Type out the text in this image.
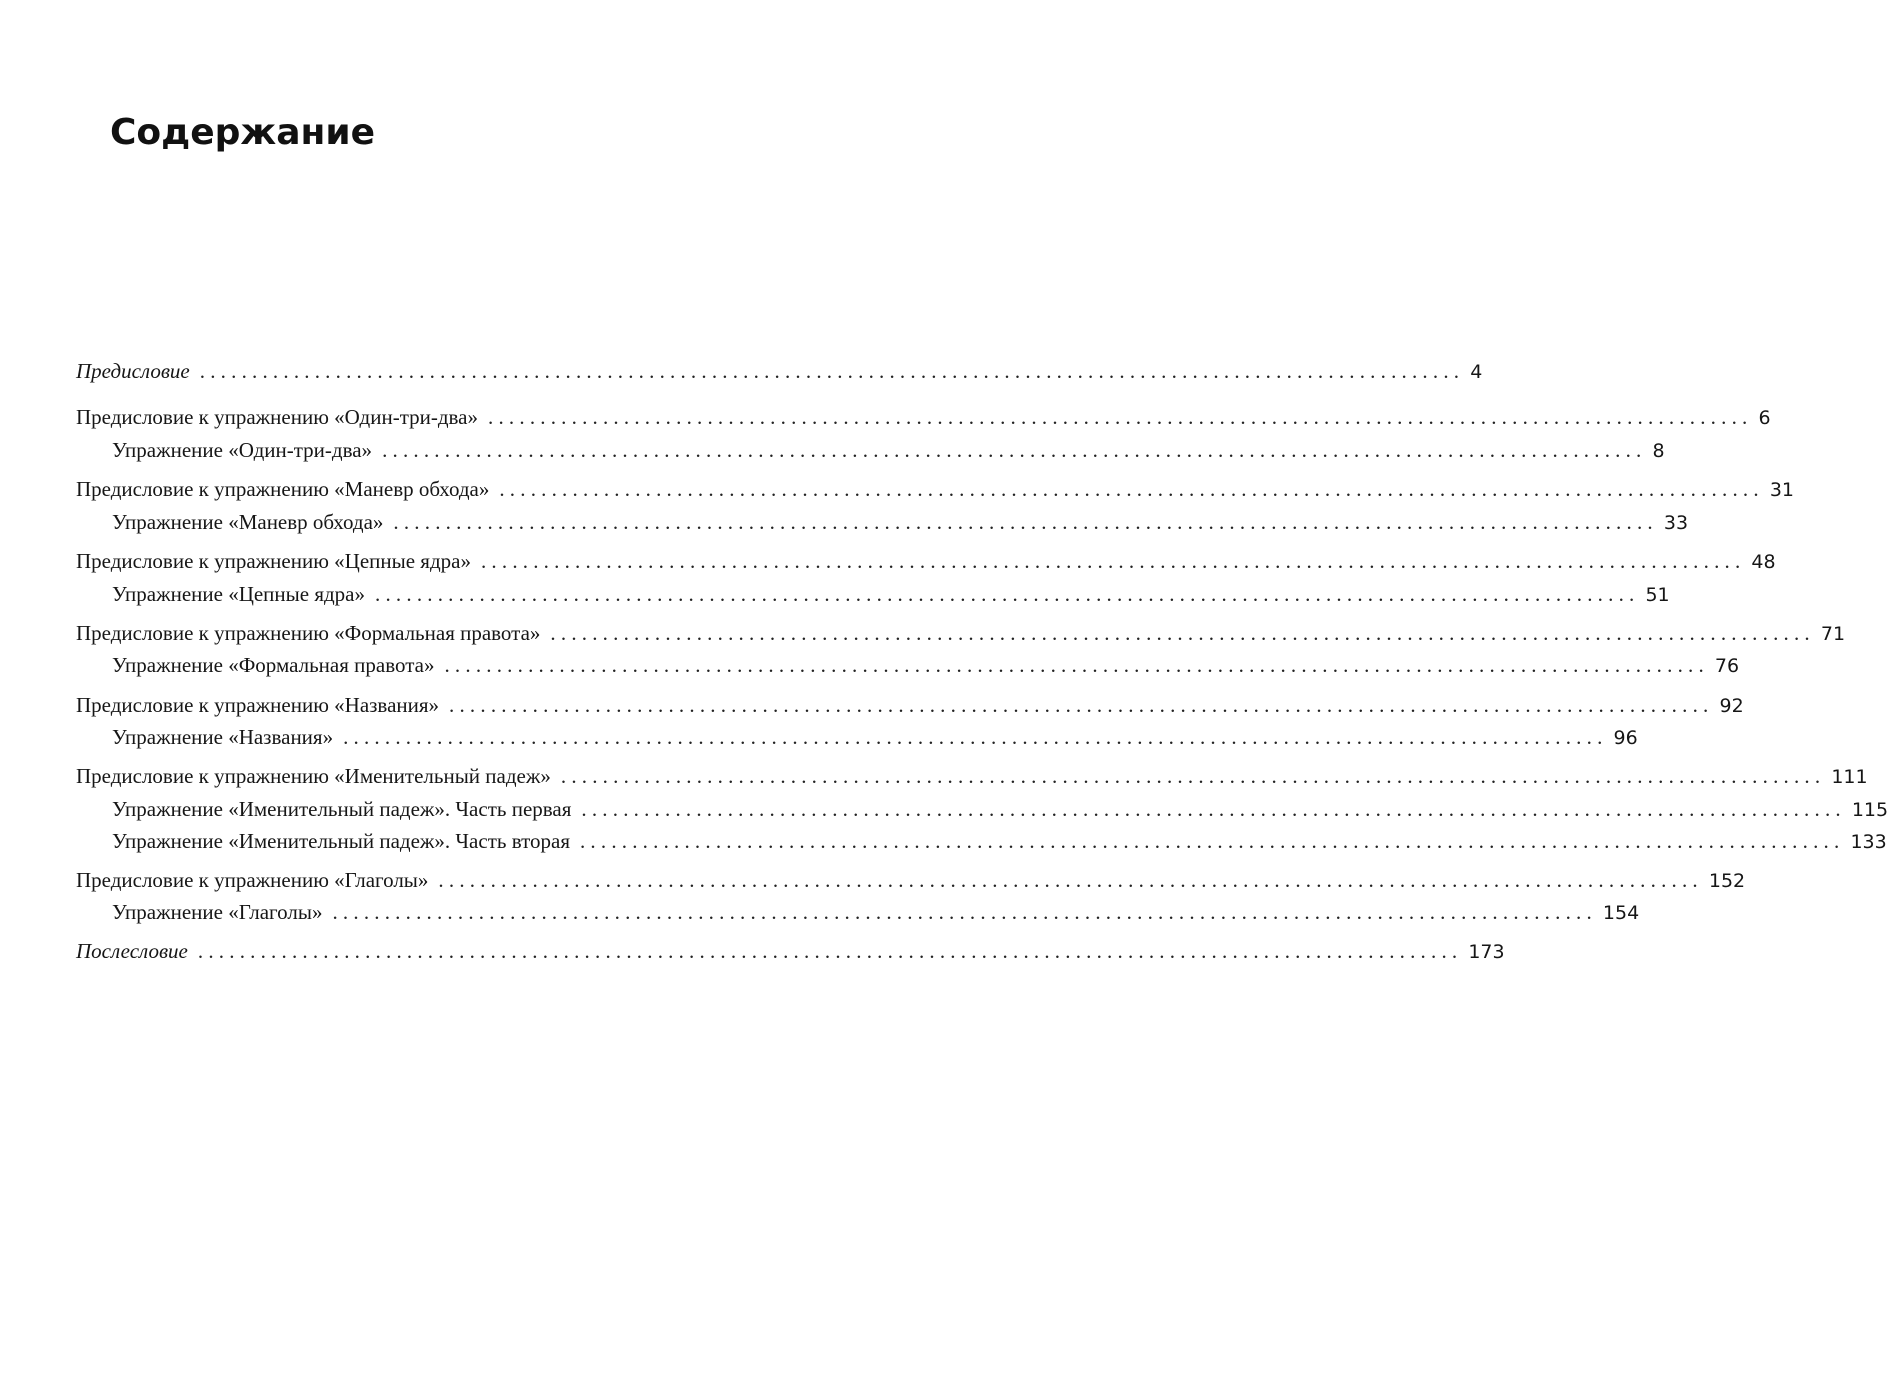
Содержание
Предисловие ......................................................................................................................... 4
Предисловие к упражнению «Один-три-два» ......................................................................................................................... 6
Упражнение «Один-три-два» ......................................................................................................................... 8
Предисловие к упражнению «Маневр обхода» ......................................................................................................................... 31
Упражнение «Маневр обхода» ......................................................................................................................... 33
Предисловие к упражнению «Цепные ядра» ......................................................................................................................... 48
Упражнение «Цепные ядра» ......................................................................................................................... 51
Предисловие к упражнению «Формальная правота» ......................................................................................................................... 71
Упражнение «Формальная правота» ......................................................................................................................... 76
Предисловие к упражнению «Названия» ......................................................................................................................... 92
Упражнение «Названия» ......................................................................................................................... 96
Предисловие к упражнению «Именительный падеж» ......................................................................................................................... 111
Упражнение «Именительный падеж». Часть первая ......................................................................................................................... 115
Упражнение «Именительный падеж». Часть вторая ......................................................................................................................... 133
Предисловие к упражнению «Глаголы» ......................................................................................................................... 152
Упражнение «Глаголы» ......................................................................................................................... 154
Послесловие ......................................................................................................................... 173
